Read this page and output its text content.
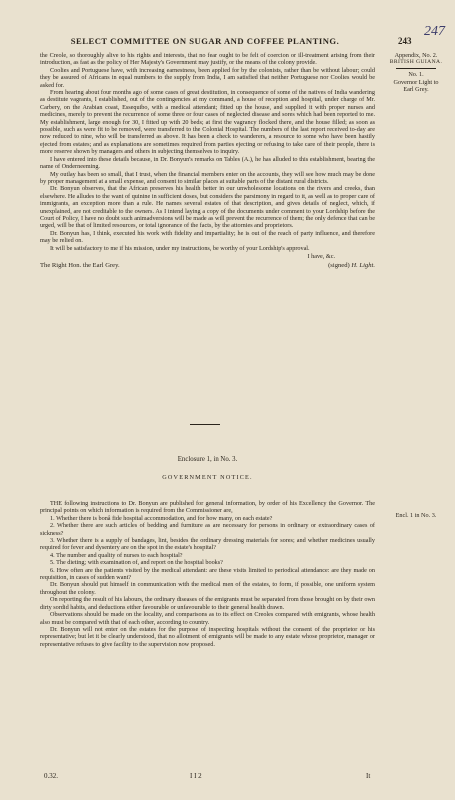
SELECT COMMITTEE ON SUGAR AND COFFEE PLANTING.	243
247
Appendix, No. 2.
BRITISH GUIANA.
No. 1.
Governor Light to
Earl Grey.

the Creole, so thoroughly alive to his rights and interests, that no fear ought to be felt of coercion or ill-treatment arising from their introduction, as fast as the policy of Her Majesty's Government may justify, or the means of the colony provide.

Coolies and Portuguese have, with increasing earnestness, been applied for by the colonists, rather than be without labour; could they be assured of Africans in equal numbers to the supply from India, I am satisfied that neither Portuguese nor Coolies would be asked for.

From hearing about four months ago of some cases of great destitution, in consequence of some of the natives of India wandering as destitute vagrants, I established, out of the contingencies at my command, a house of reception and hospital, under charge of Mr. Carbery, on the Arabian coast, Essequibo, with a medical attendant; fitted up the house, and supplied it with proper nurses and medicines, merely to prevent the recurrence of some three or four cases of neglected disease and sores which had been reported to me. My establishment, large enough for 30, I fitted up with 20 beds; at first the vagrancy flocked there, and the house filled; as soon as possible, such as were fit to be removed, were transferred to the Colonial Hospital. The numbers of the last report received to-day are now reduced to nine, who will be transferred as above. It has been a check to wanderers, a resource to some who have been hastily ejected from estates; and as explanations are sometimes required from parties ejecting or refusing to take care of their people, there is more reserve shown by managers and others in subjecting themselves to inquiry.

I have entered into these details because, in Dr. Bonyun's remarks on Tables (A.), he has alluded to this establishment, bearing the name of Onderneeming.

My outlay has been so small, that I trust, when the financial members enter on the accounts, they will see how much may be done by proper management at a small expense, and consent to similar places at suitable parts of the distant rural districts.

Dr. Bonyun observes, that the African preserves his health better in our unwholesome locations on the rivers and creeks, than elsewhere. He alludes to the want of quinine in sufficient doses, but considers the parsimony in regard to it, as well as to proper care of immigrants, an exception more than a rule. He names several estates of that description, and gives details of neglect, which, if unexplained, are not creditable to the owners. As I intend laying a copy of the documents under comment to your Lordship before the Court of Policy, I have no doubt such animadversions will be made as will prevent the recurrence of them; the only defence that can be urged, will be that of limited resources, or total ignorance of the facts, by the attornies and proprietors.

Dr. Bonyun has, I think, executed his work with fidelity and impartiality; he is out of the reach of party influence, and therefore may be relied on.

It will be satisfactory to me if his mission, under my instructions, be worthy of your Lordship's approval.

I have, &c.
The Right Hon. the Earl Grey.	(signed) H. Light.
Enclosure 1, in No. 3.
GOVERNMENT NOTICE.
Encl. 1 in No. 3.

THE following instructions to Dr. Bonyun are published for general information, by order of his Excellency the Governor. The principal points on which information is required from the Commissioner are,

1. Whether there is bonâ fide hospital accommodation, and for how many, on each estate?

2. Whether there are such articles of bedding and furniture as are necessary for persons in ordinary or extraordinary cases of sickness?

3. Whether there is a supply of bandages, lint, besides the ordinary dressing materials for sores; and whether medicines usually required for fever and dysentery are on the spot in the estate's hospital?

4. The number and quality of nurses to each hospital?

5. The dieting; with examination of, and report on the hospital books?

6. How often are the patients visited by the medical attendant: are these visits limited to periodical attendance: are they made on requisition, in cases of sudden want?

Dr. Bonyun should put himself in communication with the medical men of the estates, to form, if possible, one uniform system throughout the colony.

On reporting the result of his labours, the ordinary diseases of the emigrants must be separated from those brought on by their own dirty sordid habits, and deductions either favourable or unfavourable to their general health drawn.

Observations should be made on the locality, and comparisons as to its effect on Creoles compared with emigrants, whose health also must be compared with that of each other, according to country.

Dr. Bonyun will not enter on the estates for the purpose of inspecting hospitals without the consent of the proprietor or his representative; but let it be clearly understood, that no allotment of emigrants will be made to any estate whose proprietor, manager or representative refuses to give facility to the supervision now proposed.

0.32.	I I 2	It
